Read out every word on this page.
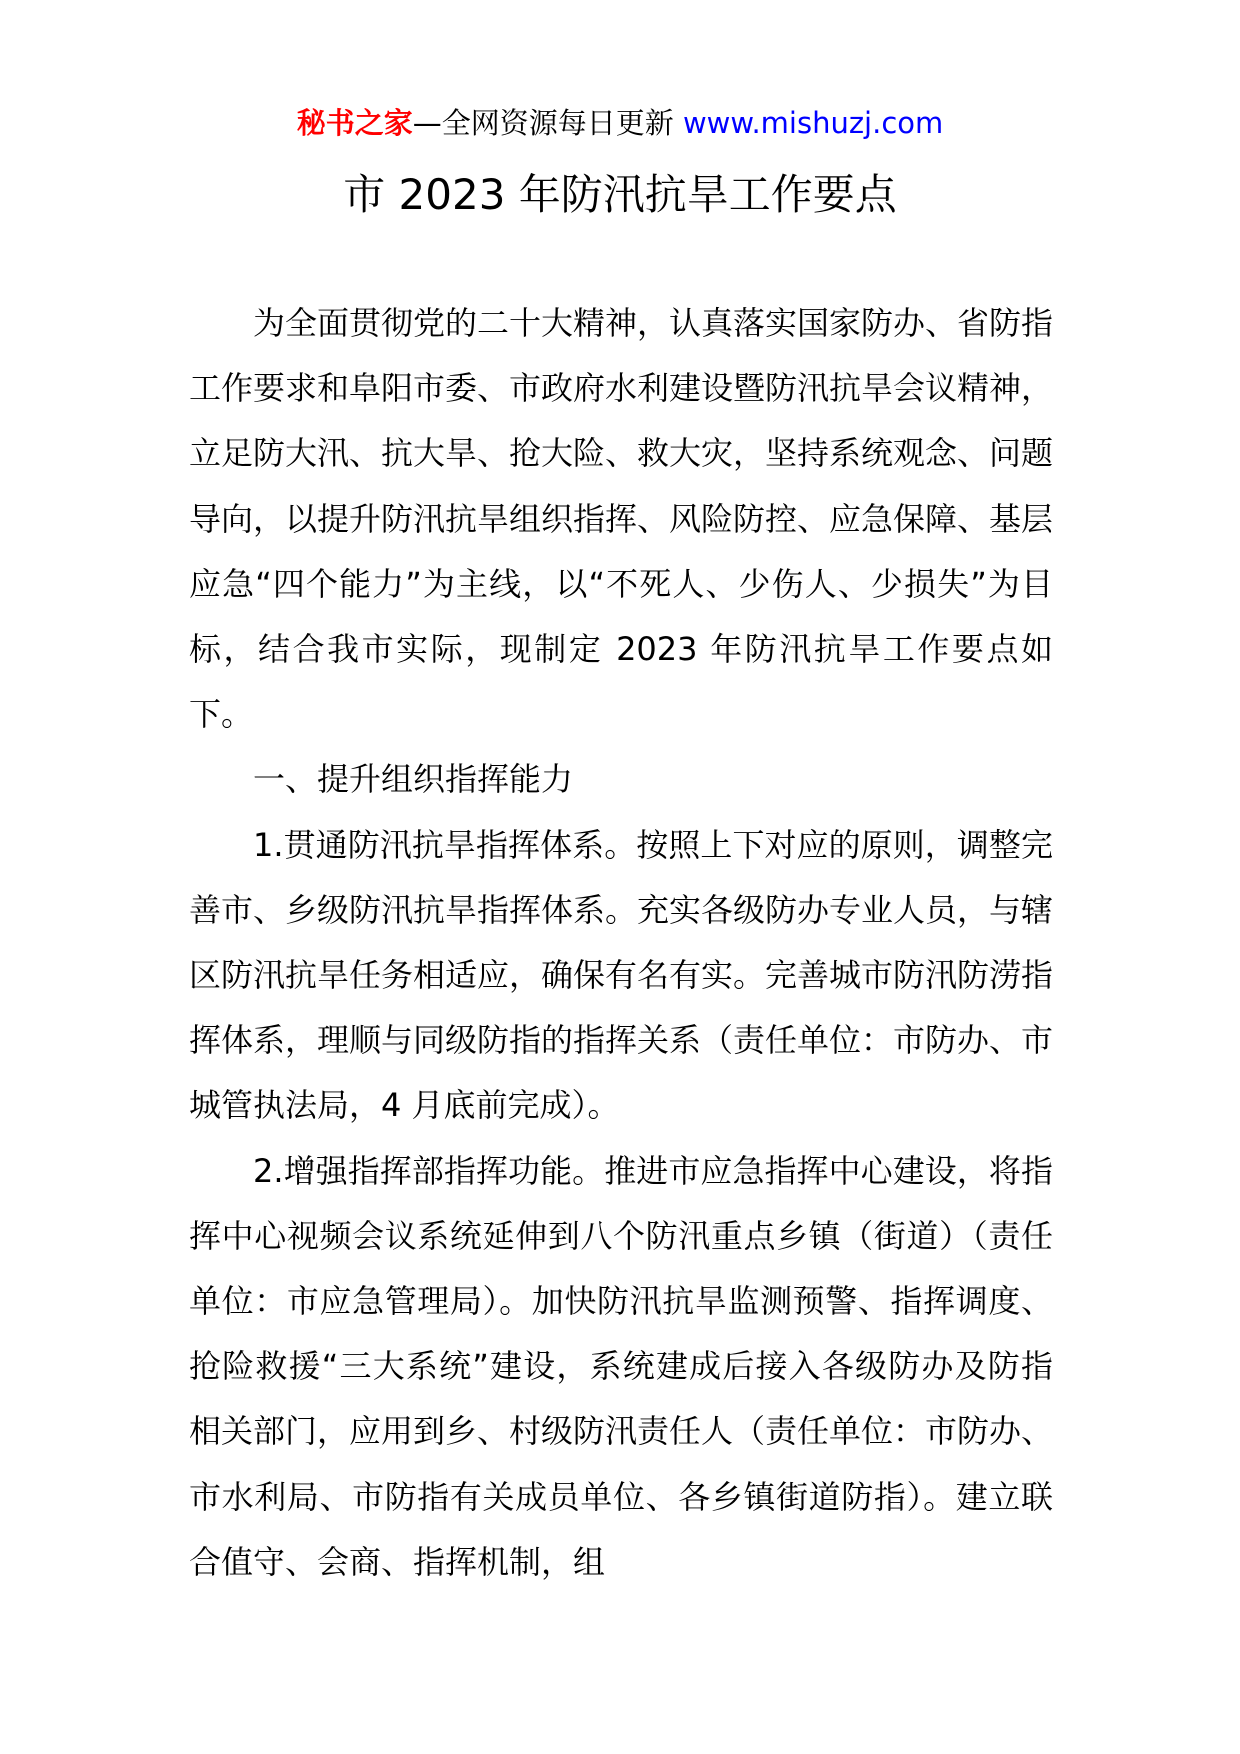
秘书之家—全网资源每日更新 www.mishuzj.com
市 2023 年防汛抗旱工作要点

为全面贯彻党的二十大精神，认真落实国家防办、省防指工作要求和阜阳市委、市政府水利建设暨防汛抗旱会议精神，立足防大汛、抗大旱、抢大险、救大灾，坚持系统观念、问题导向，以提升防汛抗旱组织指挥、风险防控、应急保障、基层应急“四个能力”为主线，以“不死人、少伤人、少损失”为目标，结合我市实际，现制定 2023 年防汛抗旱工作要点如下。

一、提升组织指挥能力

1.贯通防汛抗旱指挥体系。按照上下对应的原则，调整完善市、乡级防汛抗旱指挥体系。充实各级防办专业人员，与辖区防汛抗旱任务相适应，确保有名有实。完善城市防汛防涝指挥体系，理顺与同级防指的指挥关系（责任单位：市防办、市城管执法局，4 月底前完成）。

2.增强指挥部指挥功能。推进市应急指挥中心建设，将指挥中心视频会议系统延伸到八个防汛重点乡镇（街道）（责任单位：市应急管理局）。加快防汛抗旱监测预警、指挥调度、抢险救援“三大系统”建设，系统建成后接入各级防办及防指相关部门，应用到乡、村级防汛责任人（责任单位：市防办、市水利局、市防指有关成员单位、各乡镇街道防指）。建立联合值守、会商、指挥机制，组
